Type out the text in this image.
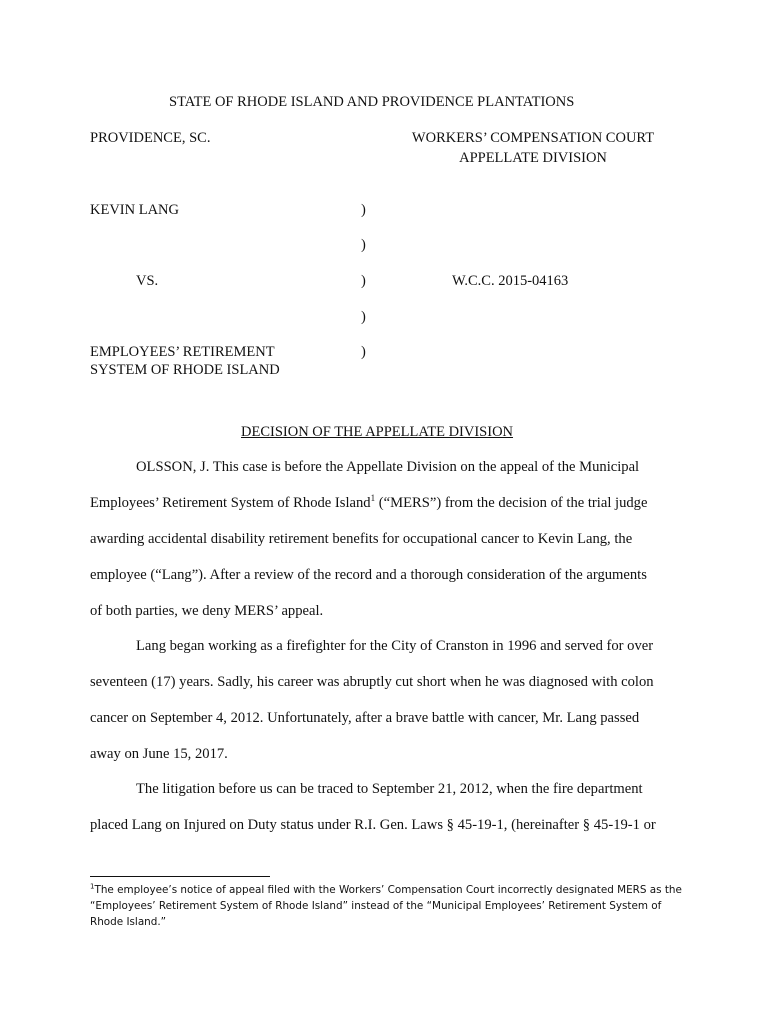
STATE OF RHODE ISLAND AND PROVIDENCE PLANTATIONS
PROVIDENCE, SC.	WORKERS’ COMPENSATION COURT
APPELLATE DIVISION
KEVIN LANG
VS.
EMPLOYEES’ RETIREMENT
SYSTEM OF RHODE ISLAND
)
)
)
)
)
W.C.C. 2015-04163
DECISION OF THE APPELLATE DIVISION
OLSSON, J. This case is before the Appellate Division on the appeal of the Municipal
Employees’ Retirement System of Rhode Island$^1$ (“MERS”) from the decision of the trial judge
awarding accidental disability retirement benefits for occupational cancer to Kevin Lang, the
employee (“Lang”). After a review of the record and a thorough consideration of the arguments
of both parties, we deny MERS’ appeal.
Lang began working as a firefighter for the City of Cranston in 1996 and served for over
seventeen (17) years. Sadly, his career was abruptly cut short when he was diagnosed with colon
cancer on September 4, 2012. Unfortunately, after a brave battle with cancer, Mr. Lang passed
away on June 15, 2017.
The litigation before us can be traced to September 21, 2012, when the fire department
placed Lang on Injured on Duty status under R.I. Gen. Laws § 45-19-1, (hereinafter § 45-19-1 or
$^1$The employee’s notice of appeal filed with the Workers’ Compensation Court incorrectly designated MERS as the
“Employees’ Retirement System of Rhode Island” instead of the “Municipal Employees’ Retirement System of
Rhode Island.”
